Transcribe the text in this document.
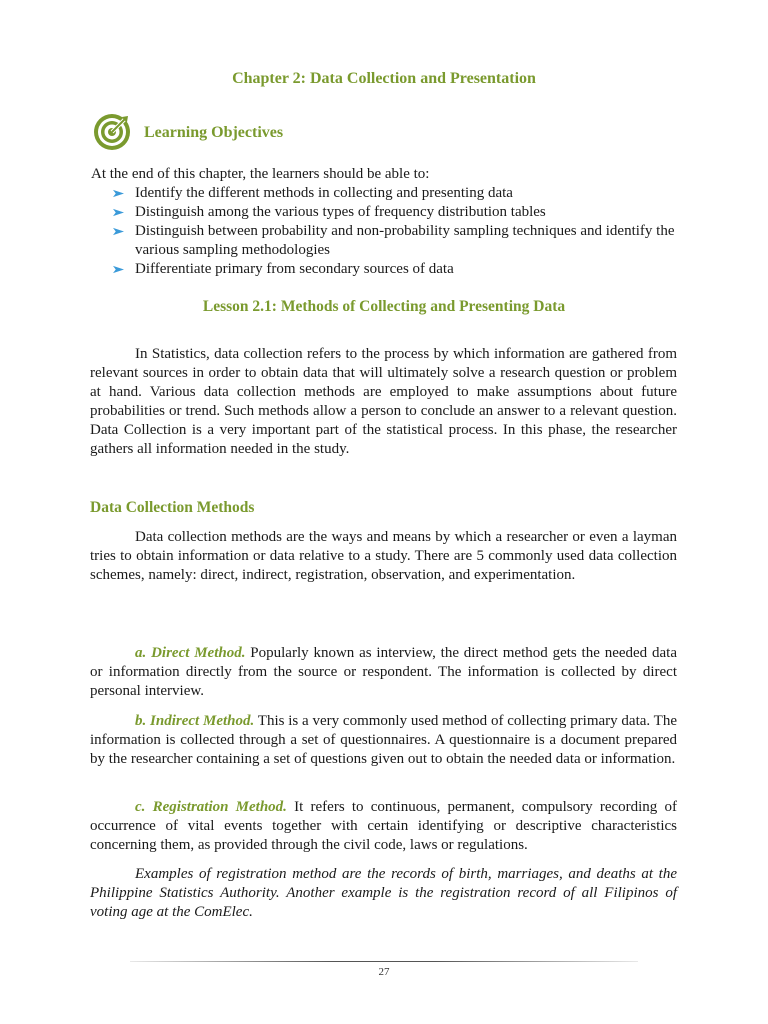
Chapter 2: Data Collection and Presentation
Learning Objectives
At the end of this chapter, the learners should be able to:
Identify the different methods in collecting and presenting data
Distinguish among the various types of frequency distribution tables
Distinguish between probability and non-probability sampling techniques and identify the various sampling methodologies
Differentiate primary from secondary sources of data
Lesson 2.1: Methods of Collecting and Presenting Data

In Statistics, data collection refers to the process by which information are gathered from relevant sources in order to obtain data that will ultimately solve a research question or problem at hand. Various data collection methods are employed to make assumptions about future probabilities or trend. Such methods allow a person to conclude an answer to a relevant question. Data Collection is a very important part of the statistical process. In this phase, the researcher gathers all information needed in the study.

Data Collection Methods

Data collection methods are the ways and means by which a researcher or even a layman tries to obtain information or data relative to a study. There are 5 commonly used data collection schemes, namely: direct, indirect, registration, observation, and experimentation.

a. Direct Method. Popularly known as interview, the direct method gets the needed data or information directly from the source or respondent. The information is collected by direct personal interview.

b. Indirect Method. This is a very commonly used method of collecting primary data. The information is collected through a set of questionnaires. A questionnaire is a document prepared by the researcher containing a set of questions given out to obtain the needed data or information.

c. Registration Method. It refers to continuous, permanent, compulsory recording of occurrence of vital events together with certain identifying or descriptive characteristics concerning them, as provided through the civil code, laws or regulations.

Examples of registration method are the records of birth, marriages, and deaths at the Philippine Statistics Authority. Another example is the registration record of all Filipinos of voting age at the ComElec.

27
